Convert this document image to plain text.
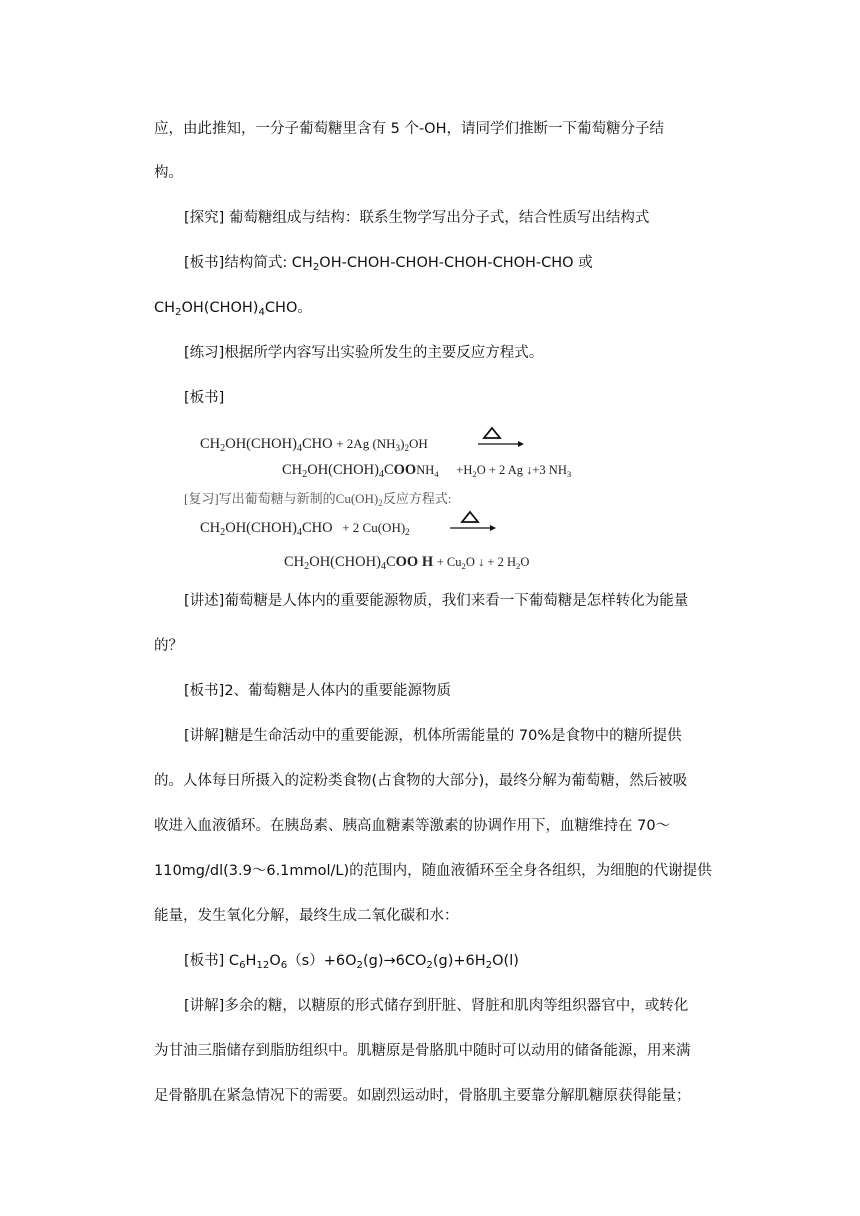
应，由此推知，一分子葡萄糖里含有 5 个-OH，请同学们推断一下葡萄糖分子结
构。
[探究] 葡萄糖组成与结构：联系生物学写出分子式，结合性质写出结构式
[板书]结构简式: $CH_2OH-CHOH-CHOH-CHOH-CHOH$-CHO 或
$CH_2OH(CHOH)_4CHO$。
[练习]根据所学内容写出实验所发生的主要反应方程式。
[板书]
$CH_2OH(CHOH)_4CHO + 2Ag$ $(NH_3)_2OH$
$CH_2OH(CHOH)_4COONH_4 +H_2O + 2$ Ag ↓+3 $NH_3$
[复习]写出葡萄糖与新制的$Cu(OH)_2$反应方程式:
$CH_2OH(CHOH)_4CHO + 2$ $Cu(OH)_2$
$CH_2OH(CHOH)_4COO$ $H + Cu_2O$ ↓ + 2 $H_2O$
[讲述]葡萄糖是人体内的重要能源物质，我们来看一下葡萄糖是怎样转化为能量
的？
[板书]2、葡萄糖是人体内的重要能源物质
[讲解]糖是生命活动中的重要能源，机体所需能量的 70%是食物中的糖所提供
的。人体每日所摄入的淀粉类食物(占食物的大部分)，最终分解为葡萄糖，然后被吸
收进入血液循环。在胰岛素、胰高血糖素等激素的协调作用下，血糖维持在 70～
110mg/dl(3.9～6.1mmol/L)的范围内，随血液循环至全身各组织，为细胞的代谢提供
能量，发生氧化分解，最终生成二氧化碳和水：
[板书] $C_6H_{12}O_6(s)+6O_2(g)\to 6CO_2(g)+6H_2O(l)$
[讲解]多余的糖，以糖原的形式储存到肝脏、肾脏和肌肉等组织器官中，或转化
为甘油三脂储存到脂肪组织中。肌糖原是骨胳肌中随时可以动用的储备能源，用来满
足骨骼肌在紧急情况下的需要。如剧烈运动时，骨胳肌主要靠分解肌糖原获得能量；
